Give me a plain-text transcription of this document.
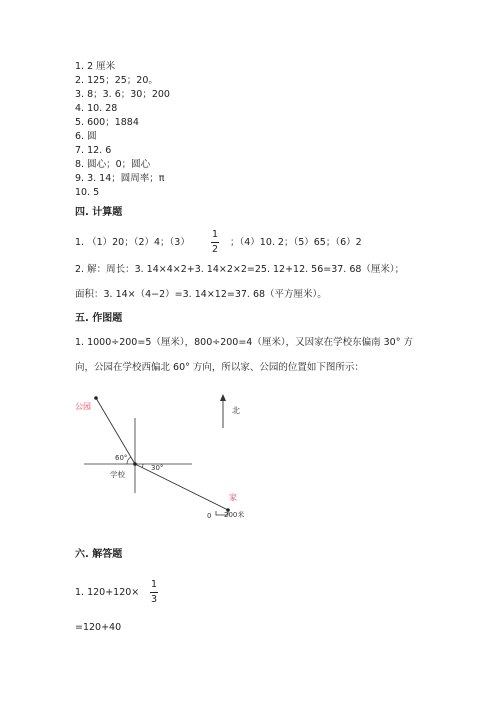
1. 2 厘米
2. 125；25；20。
3. 8；3. 6；30；200
4. 10. 28
5. 600；1884
6. 圆
7. 12. 6
8. 圆心；0；圆心
9. 3. 14；圆周率；π
10. 5
四. 计算题
1. （1）20；（2）4；（3）
1
2
；（4）10. 2；（5）65；（6）2
2. 解：周长：3. 14×4×2+3. 14×2×2=25. 12+12. 56=37. 68（厘米）；
面积：3. 14×（4−2）=3. 14×12=37. 68（平方厘米）。
五. 作图题
1. 1000÷200=5（厘米），800÷200=4（厘米），又因家在学校东偏南 30° 方
向，公园在学校西偏北 60° 方向，所以家、公园的位置如下图所示：
公园
60°
30°
学校
家
北
0 200米
六. 解答题
1. 120+120×
1
3
=120+40
